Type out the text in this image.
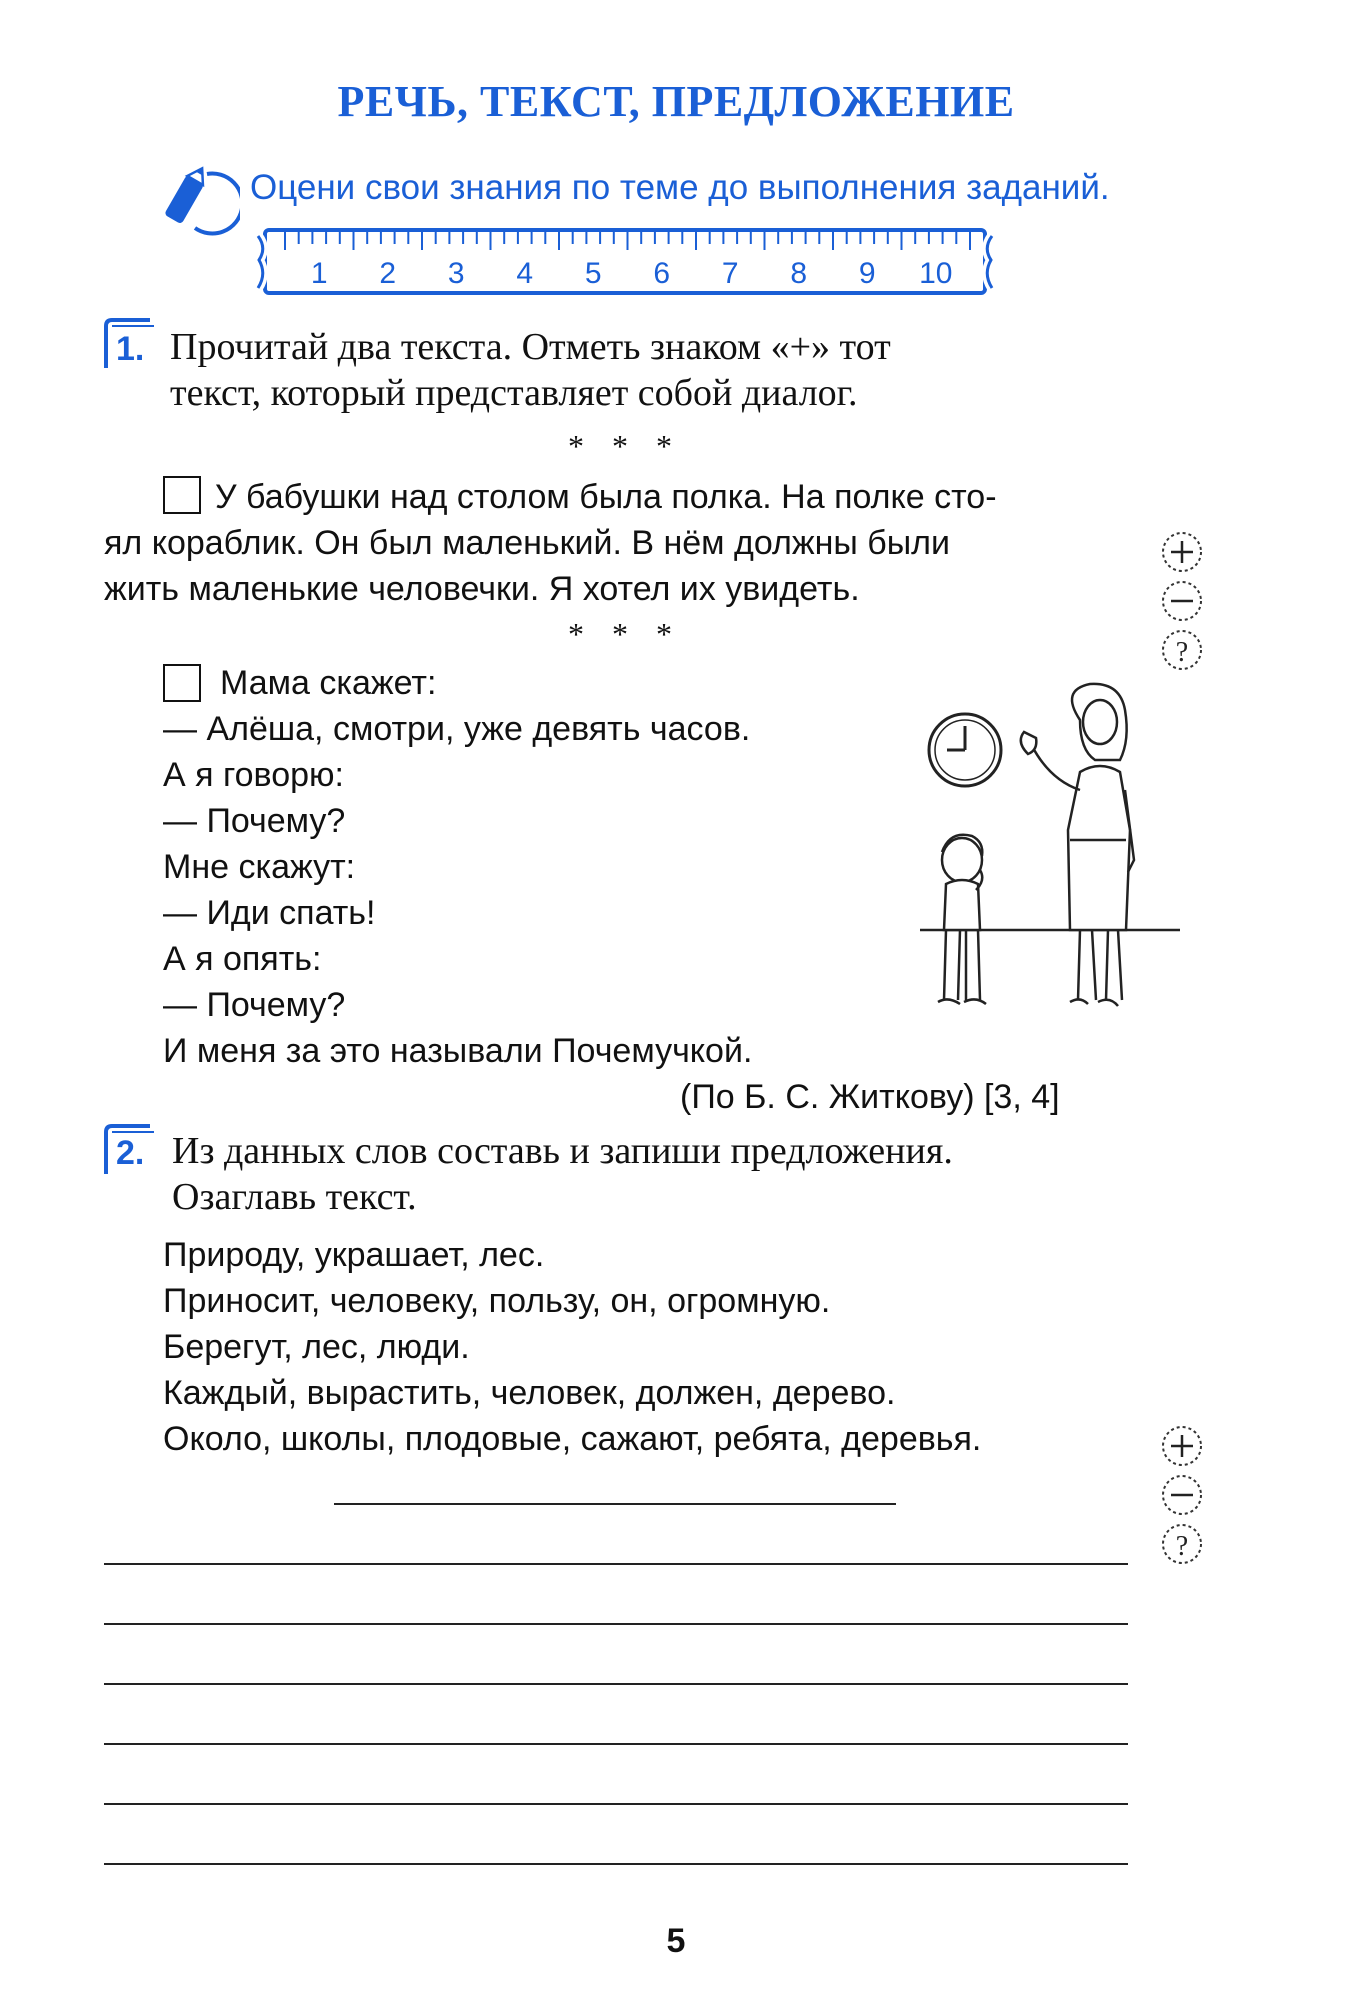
РЕЧЬ, ТЕКСТ, ПРЕДЛОЖЕНИЕ
Оцени свои знания по теме до выполнения заданий.
1 2 3 4 5 6 7 8 9 10
1. Прочитай два текста. Отметь знаком «+» тот
текст, который представляет собой диалог.
* * *
У бабушки над столом была полка. На полке сто-
ял кораблик. Он был маленький. В нём должны были
жить маленькие человечки. Я хотел их увидеть.
* * *

?
Мама скажет:
— Алёша, смотри, уже девять часов.
А я говорю:
— Почему?
Мне скажут:
— Иди спать!
А я опять:
— Почему?
И меня за это называли Почемучкой.
(По Б. С. Житкову) [3, 4]
2. Из данных слов составь и запиши предложения.
Озаглавь текст.
Природу, украшает, лес.
Приносит, человеку, пользу, он, огромную.
Берегут, лес, люди.
Каждый, вырастить, человек, должен, дерево.
Около, школы, плодовые, сажают, ребята, деревья.

?
5
